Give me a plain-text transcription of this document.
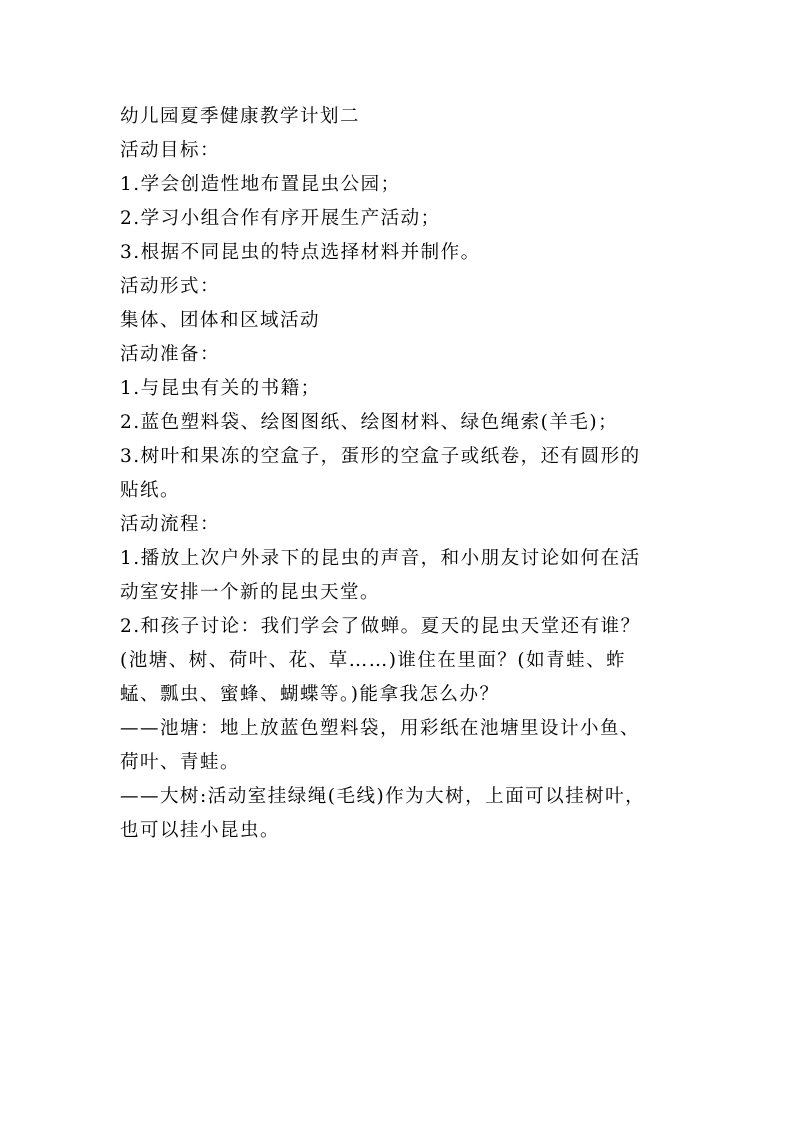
幼儿园夏季健康教学计划二
活动目标：
1.学会创造性地布置昆虫公园；
2.学习小组合作有序开展生产活动；
3.根据不同昆虫的特点选择材料并制作。
活动形式：
集体、团体和区域活动
活动准备：
1.与昆虫有关的书籍；
2.蓝色塑料袋、绘图图纸、绘图材料、绿色绳索(羊毛)；
3.树叶和果冻的空盒子，蛋形的空盒子或纸卷，还有圆形的
贴纸。
活动流程：
1.播放上次户外录下的昆虫的声音，和小朋友讨论如何在活
动室安排一个新的昆虫天堂。
2.和孩子讨论：我们学会了做蝉。夏天的昆虫天堂还有谁？
(池塘、树、荷叶、花、草……)谁住在里面？(如青蛙、蚱
蜢、瓢虫、蜜蜂、蝴蝶等。)能拿我怎么办？
——池塘：地上放蓝色塑料袋，用彩纸在池塘里设计小鱼、
荷叶、青蛙。
——大树:活动室挂绿绳(毛线)作为大树，上面可以挂树叶，
也可以挂小昆虫。
